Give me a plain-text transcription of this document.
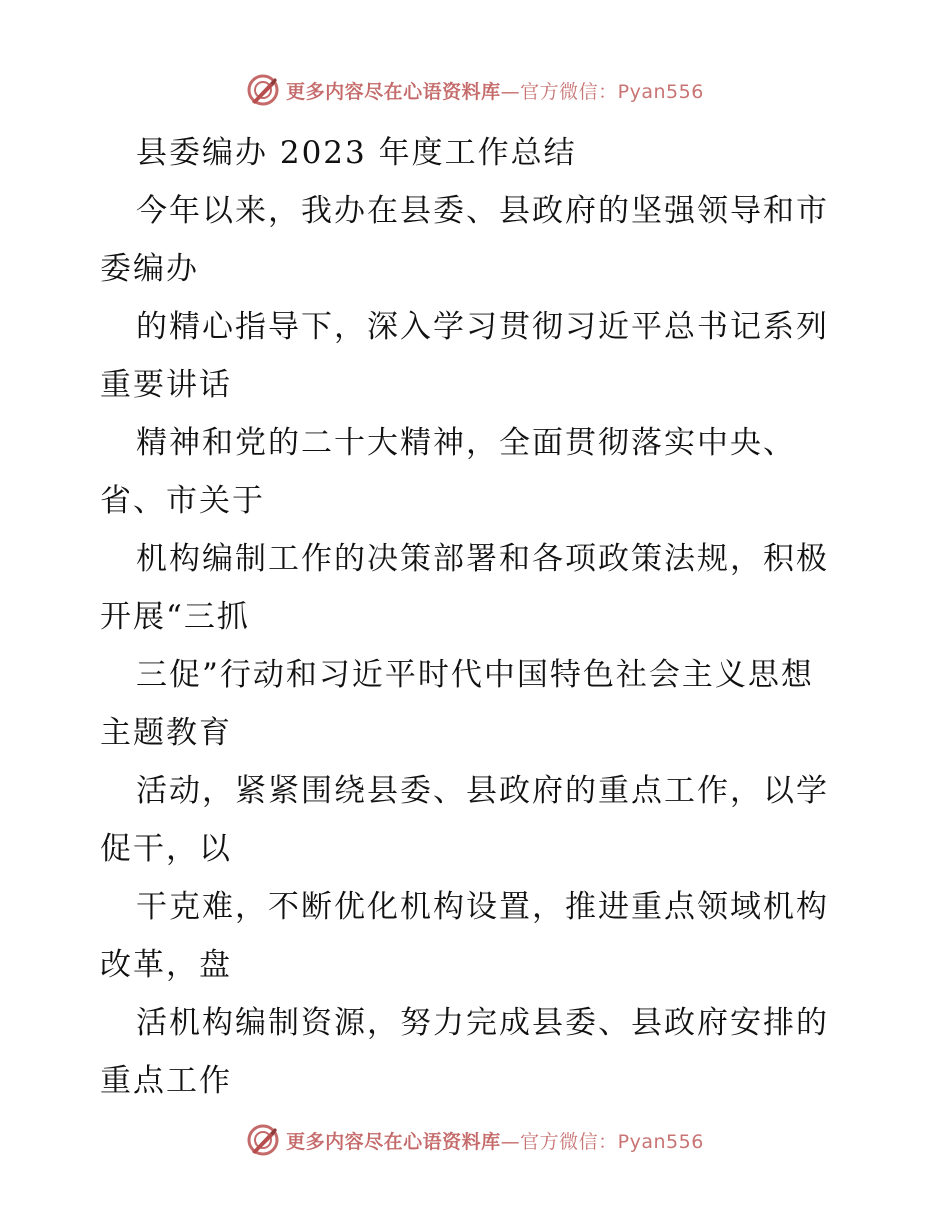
更多内容尽在心语资料库—官方微信：Pyan556
县委编办 2023 年度工作总结
今年以来，我办在县委、县政府的坚强领导和市
委编办
的精心指导下，深入学习贯彻习近平总书记系列
重要讲话
精神和党的二十大精神，全面贯彻落实中央、
省、市关于
机构编制工作的决策部署和各项政策法规，积极
开展“三抓
三促”行动和习近平时代中国特色社会主义思想
主题教育
活动，紧紧围绕县委、县政府的重点工作，以学
促干，以
干克难，不断优化机构设置，推进重点领域机构
改革，盘
活机构编制资源，努力完成县委、县政府安排的
重点工作
更多内容尽在心语资料库—官方微信：Pyan556
